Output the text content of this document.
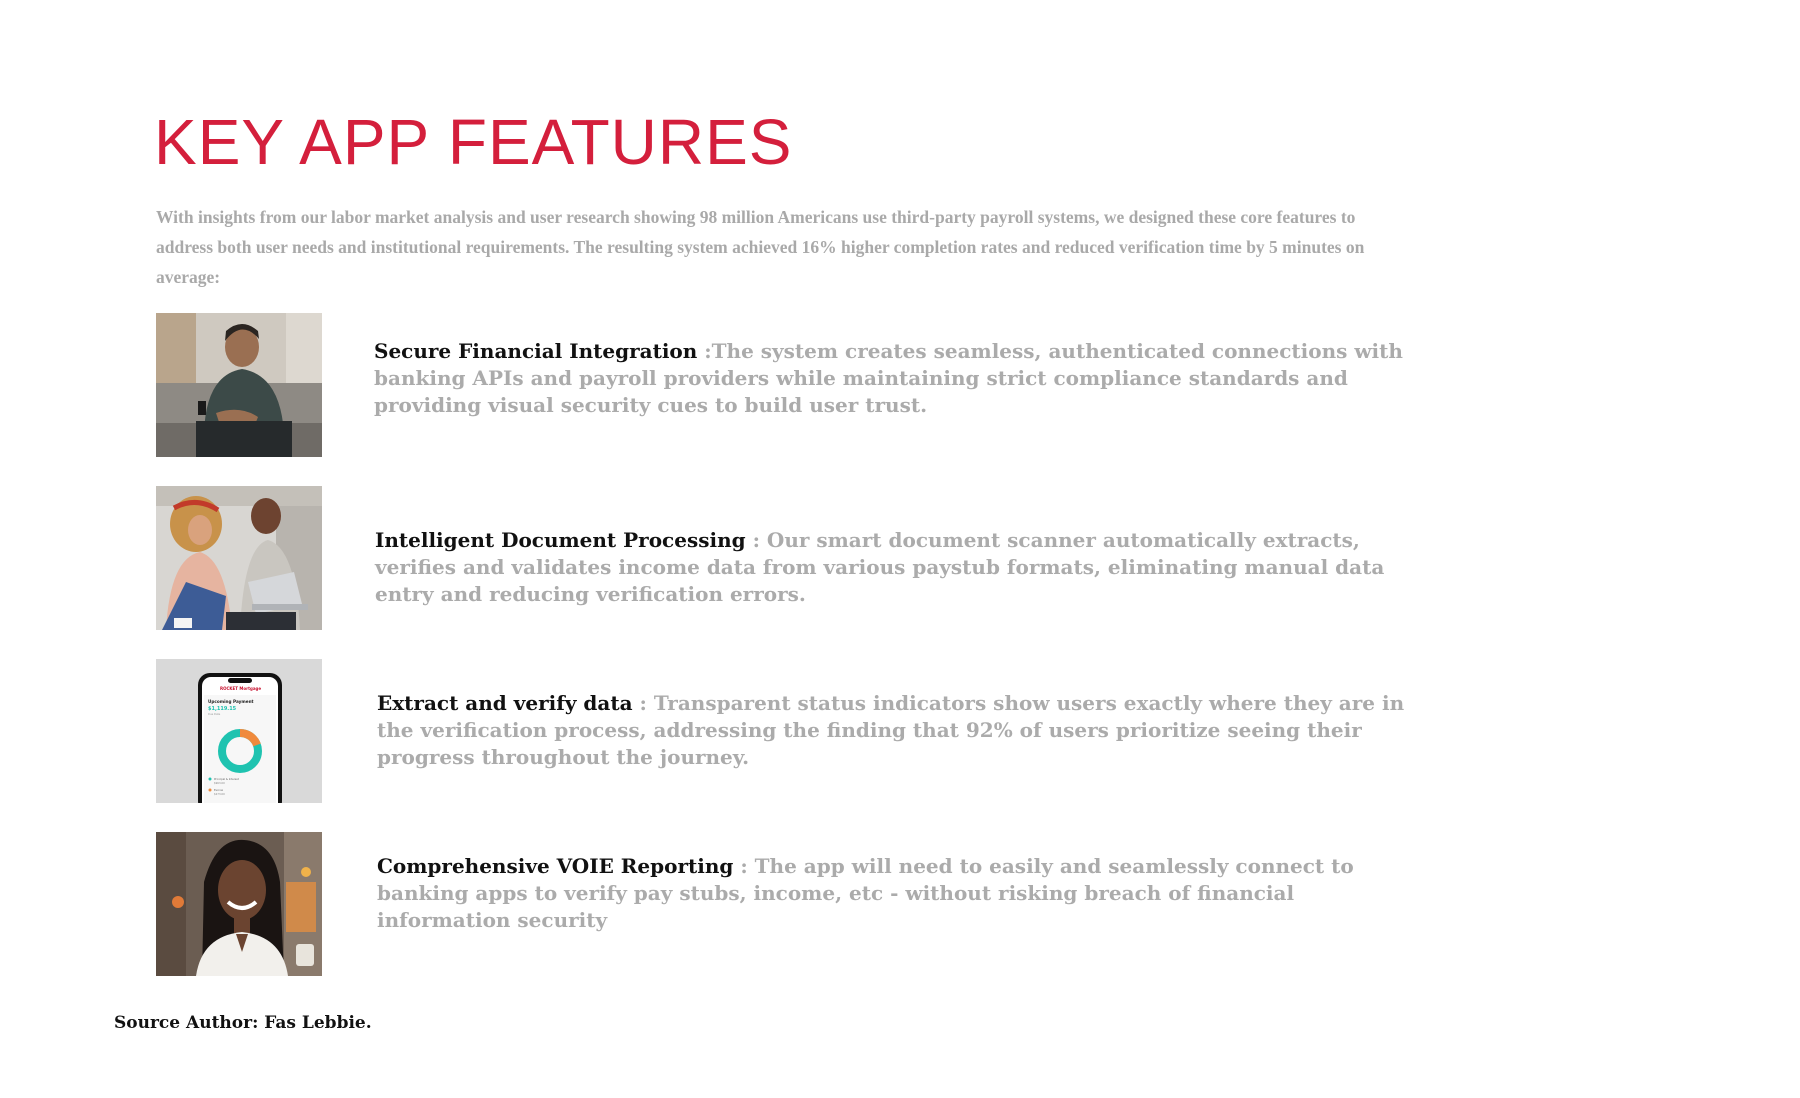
KEY APP FEATURES

With insights from our labor market analysis and user research showing 98 million Americans use third-party payroll systems, we designed these core features to address both user needs and institutional requirements. The resulting system achieved 16% higher completion rates and reduced verification time by 5 minutes on average:

Secure Financial Integration :The system creates seamless, authenticated connections with banking APIs and payroll providers while maintaining strict compliance standards and providing visual security cues to build user trust.

Intelligent Document Processing : Our smart document scanner automatically extracts, verifies and validates income data from various paystub formats, eliminating manual data entry and reducing verification errors.

ROCKET Mortgage
Upcoming Payment
$1,119.15
Due Date
Principal & Interest
$963.00
Escrow
$273.00

Extract and verify data : Transparent status indicators show users exactly where they are in the verification process, addressing the finding that 92% of users prioritize seeing their progress throughout the journey.

Comprehensive VOIE Reporting : The app will need to easily and seamlessly connect to banking apps to verify pay stubs, income, etc - without risking breach of financial information security

Source Author: Fas Lebbie.
